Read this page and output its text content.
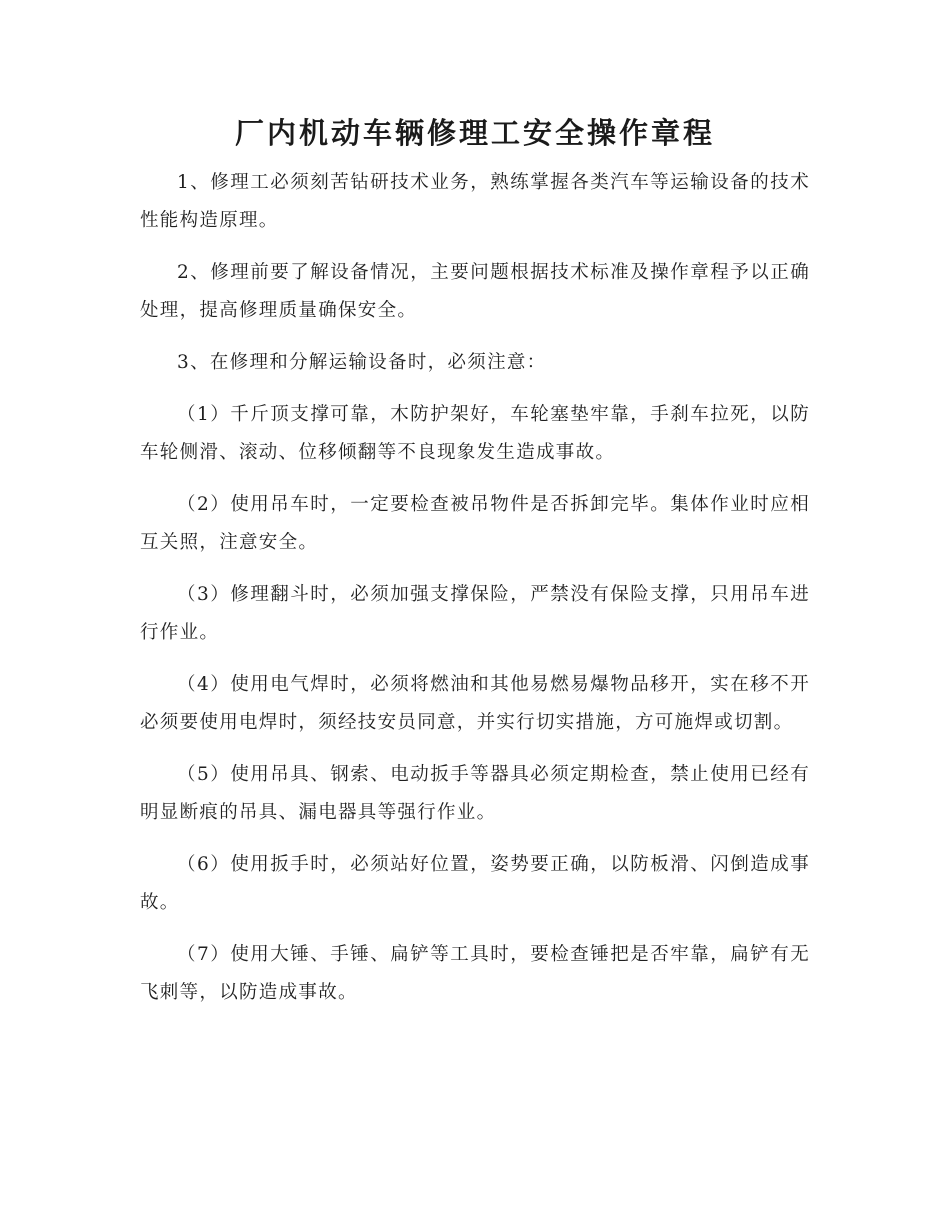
厂内机动车辆修理工安全操作章程

1、修理工必须刻苦钻研技术业务，熟练掌握各类汽车等运输设备的技术性能构造原理。

2、修理前要了解设备情况，主要问题根据技术标准及操作章程予以正确处理，提高修理质量确保安全。

3、在修理和分解运输设备时，必须注意：

（1）千斤顶支撑可靠，木防护架好，车轮塞垫牢靠，手刹车拉死，以防车轮侧滑、滚动、位移倾翻等不良现象发生造成事故。

（2）使用吊车时，一定要检查被吊物件是否拆卸完毕。集体作业时应相互关照，注意安全。

（3）修理翻斗时，必须加强支撑保险，严禁没有保险支撑，只用吊车进行作业。

（4）使用电气焊时，必须将燃油和其他易燃易爆物品移开，实在移不开必须要使用电焊时，须经技安员同意，并实行切实措施，方可施焊或切割。

（5）使用吊具、钢索、电动扳手等器具必须定期检查，禁止使用已经有明显断痕的吊具、漏电器具等强行作业。

（6）使用扳手时，必须站好位置，姿势要正确，以防板滑、闪倒造成事故。

（7）使用大锤、手锤、扁铲等工具时，要检查锤把是否牢靠，扁铲有无飞刺等，以防造成事故。
